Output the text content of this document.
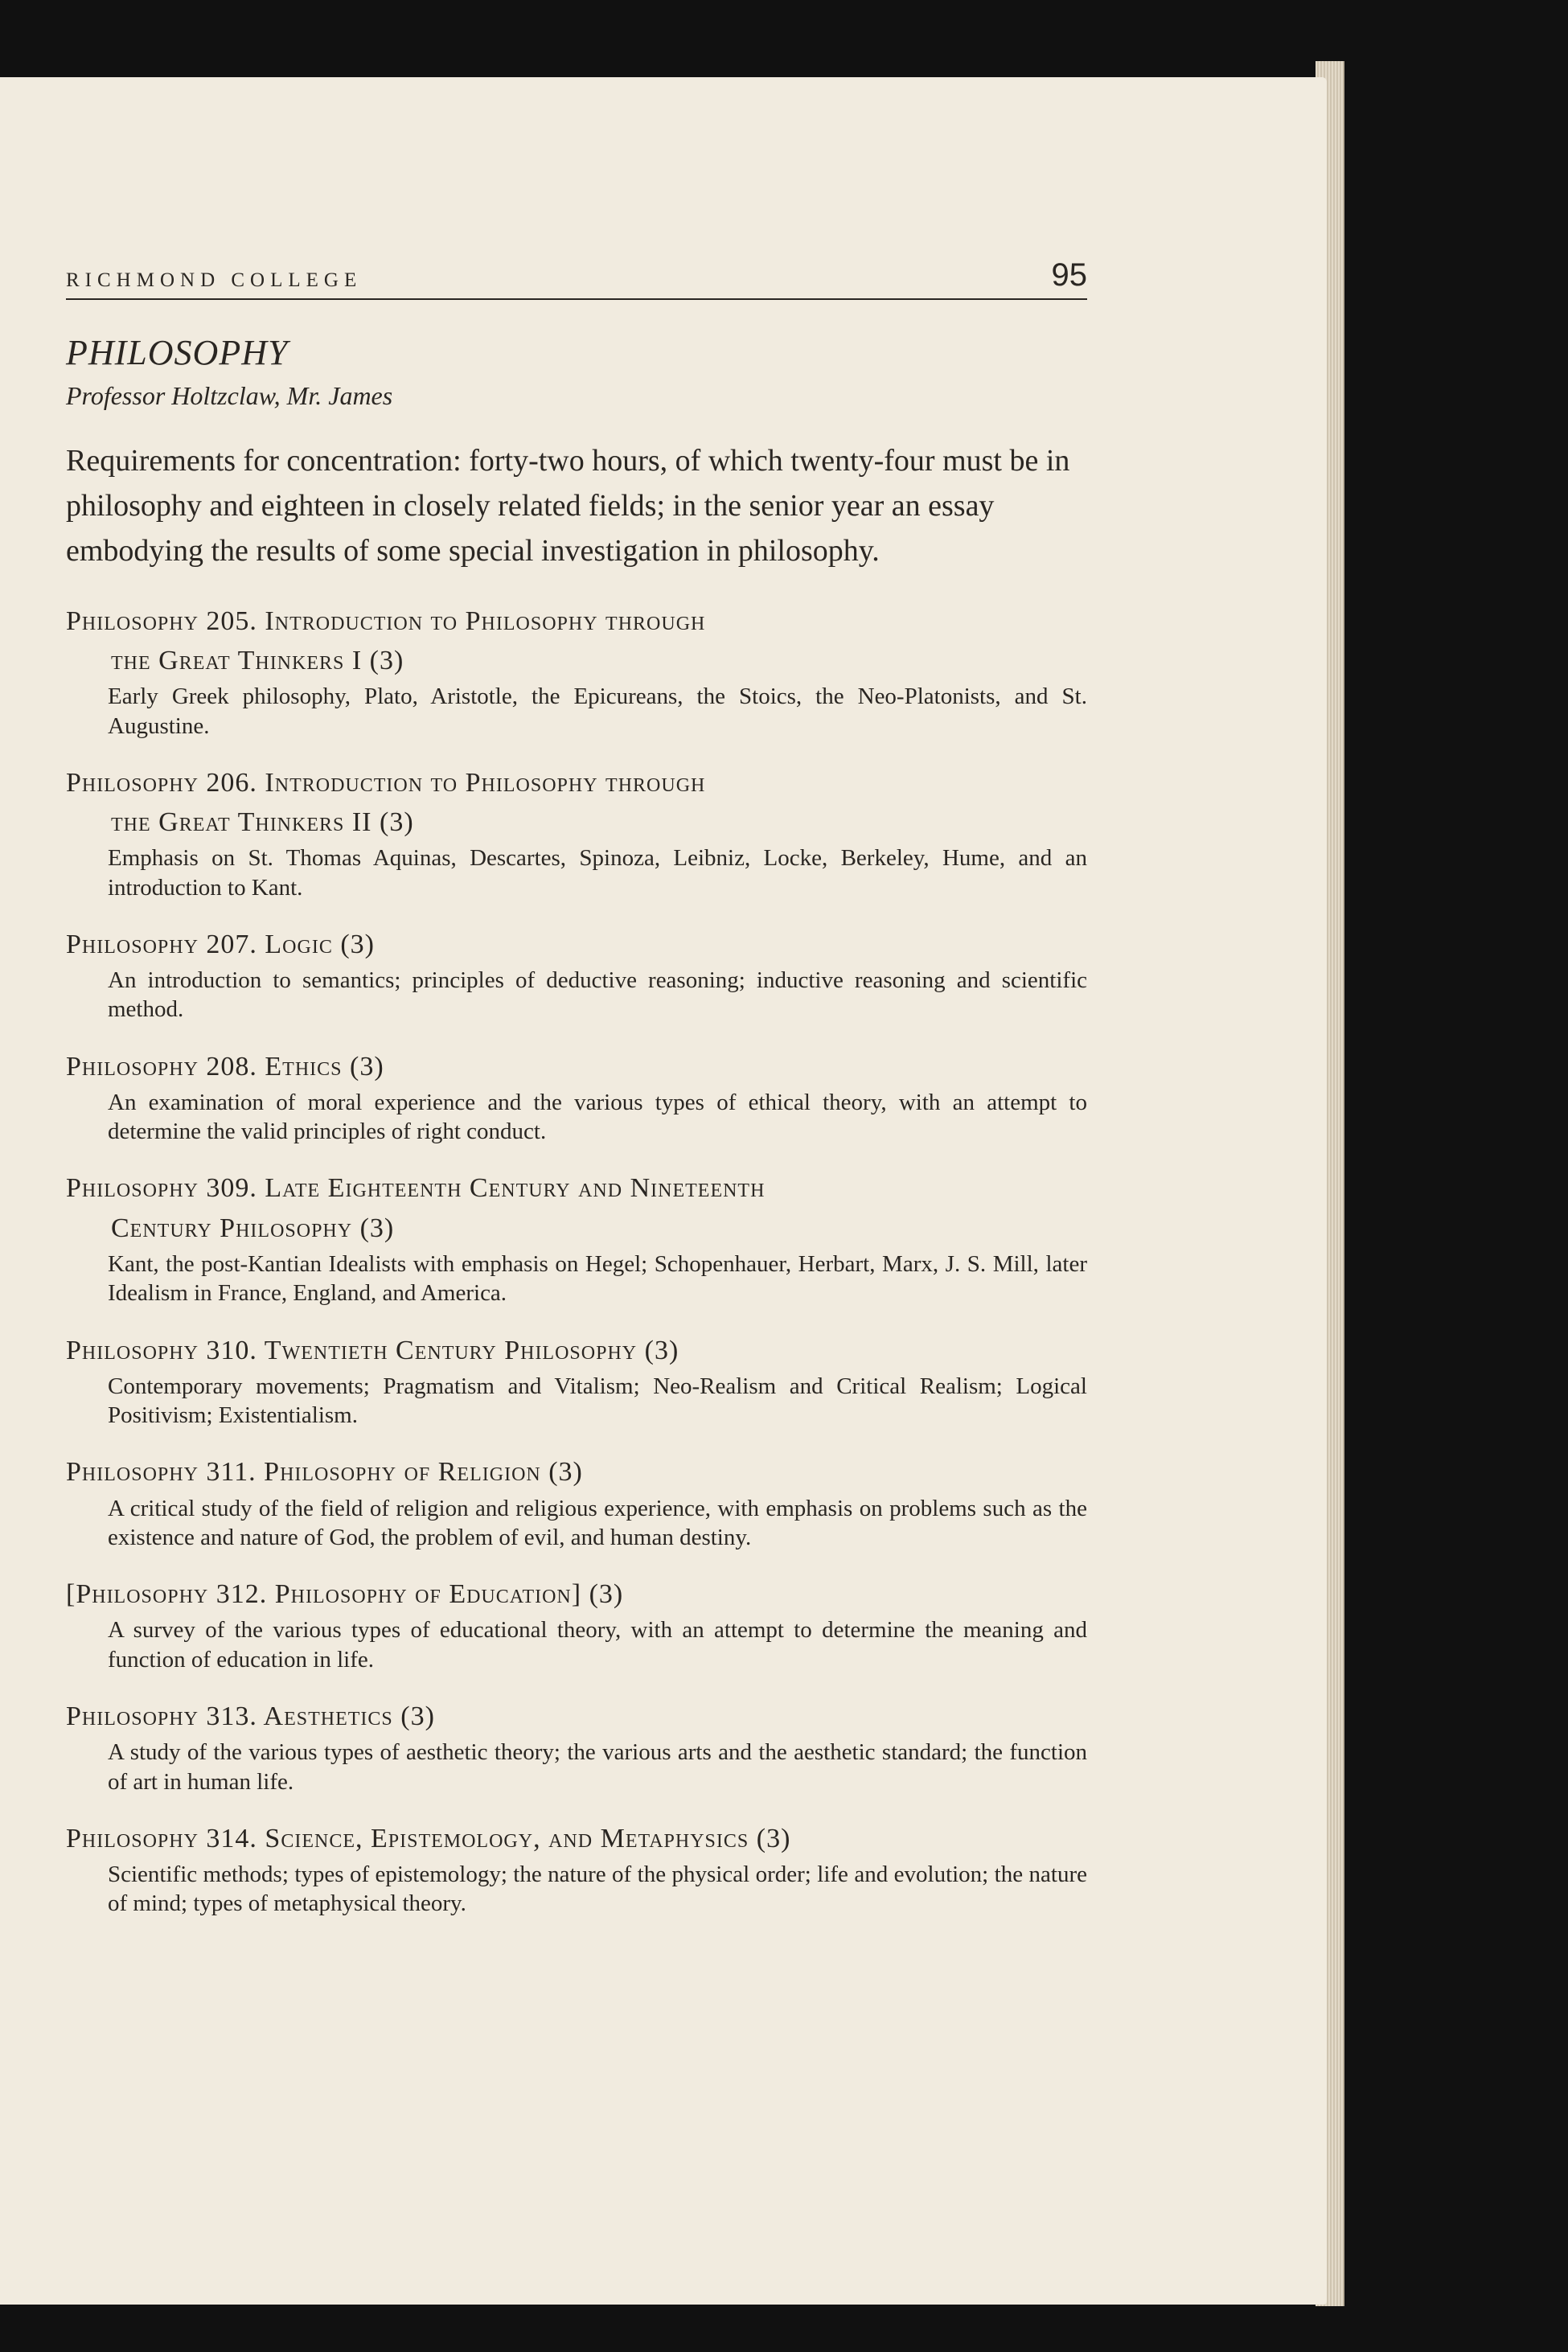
RICHMOND COLLEGE	95
PHILOSOPHY
Professor Holtzclaw, Mr. James
Requirements for concentration: forty-two hours, of which twenty-four must be in philosophy and eighteen in closely related fields; in the senior year an essay embodying the results of some special investigation in philosophy.
Philosophy 205. Introduction to Philosophy through
the Great Thinkers I (3)
Early Greek philosophy, Plato, Aristotle, the Epicureans, the Stoics, the Neo-Platonists, and St. Augustine.
Philosophy 206. Introduction to Philosophy through
the Great Thinkers II (3)
Emphasis on St. Thomas Aquinas, Descartes, Spinoza, Leibniz, Locke, Berkeley, Hume, and an introduction to Kant.
Philosophy 207. Logic (3)
An introduction to semantics; principles of deductive reasoning; inductive reasoning and scientific method.
Philosophy 208. Ethics (3)
An examination of moral experience and the various types of ethical theory, with an attempt to determine the valid principles of right conduct.
Philosophy 309. Late Eighteenth Century and Nineteenth
Century Philosophy (3)
Kant, the post-Kantian Idealists with emphasis on Hegel; Schopenhauer, Herbart, Marx, J. S. Mill, later Idealism in France, England, and America.
Philosophy 310. Twentieth Century Philosophy (3)
Contemporary movements; Pragmatism and Vitalism; Neo-Realism and Critical Realism; Logical Positivism; Existentialism.
Philosophy 311. Philosophy of Religion (3)
A critical study of the field of religion and religious experience, with emphasis on problems such as the existence and nature of God, the problem of evil, and human destiny.
[Philosophy 312. Philosophy of Education] (3)
A survey of the various types of educational theory, with an attempt to determine the meaning and function of education in life.
Philosophy 313. Aesthetics (3)
A study of the various types of aesthetic theory; the various arts and the aesthetic standard; the function of art in human life.
Philosophy 314. Science, Epistemology, and Metaphysics (3)
Scientific methods; types of epistemology; the nature of the physical order; life and evolution; the nature of mind; types of metaphysical theory.
